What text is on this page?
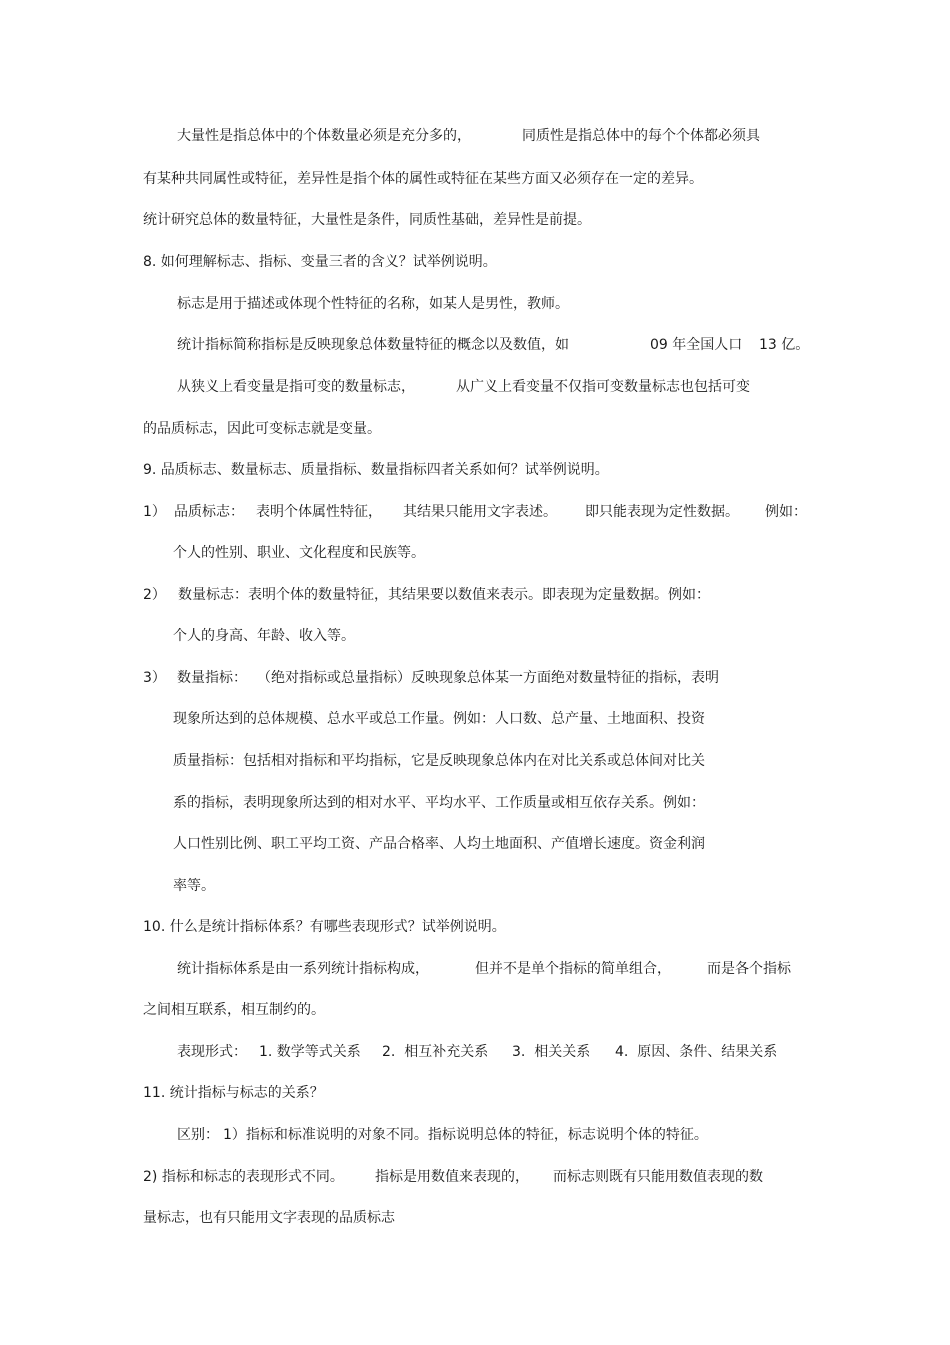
大量性是指总体中的个体数量必须是充分多的，

	同质性是指总体中的每个个体都必须具

有某种共同属性或特征，差异性是指个体的属性或特征在某些方面又必须存在一定的差异。

统计研究总体的数量特征，大量性是条件，同质性基础，差异性是前提。

8. 如何理解标志、指标、变量三者的含义？试举例说明。

标志是用于描述或体现个性特征的名称，如某人是男性，教师。

统计指标简称指标是反映现象总体数量特征的概念以及数值，如

	09 年全国人口

13 亿。

从狭义上看变量是指可变的数量标志，

	从广义上看变量不仅指可变数量标志也包括可变

的品质标志，因此可变标志就是变量。

9. 品质标志、数量标志、质量指标、数量指标四者关系如何？试举例说明。

1）

品质标志：

表明个体属性特征，

其结果只能用文字表述。

即只能表现为定性数据。

例如：

个人的性别、职业、文化程度和民族等。

2）

数量标志：表明个体的数量特征，其结果要以数值来表示。即表现为定量数据。例如：

个人的身高、年龄、收入等。

3）

数量指标：

（绝对指标或总量指标）反映现象总体某一方面绝对数量特征的指标，表明

现象所达到的总体规模、总水平或总工作量。例如：人口数、总产量、土地面积、投资

质量指标：包括相对指标和平均指标，它是反映现象总体内在对比关系或总体间对比关

系的指标，表明现象所达到的相对水平、平均水平、工作质量或相互依存关系。例如：

人口性别比例、职工平均工资、产品合格率、人均土地面积、产值增长速度。资金利润

率等。

10. 什么是统计指标体系？有哪些表现形式？试举例说明。

统计指标体系是由一系列统计指标构成，

	但并不是单个指标的简单组合，

	而是各个指标

之间相互联系，相互制约的。

表现形式：

1. 数学等式关系

2.  相互补充关系

3.  相关关系

4.  原因、条件、结果关系

11. 统计指标与标志的关系？

区别：

1）指标和标准说明的对象不同。指标说明总体的特征，标志说明个体的特征。

2) 指标和标志的表现形式不同。

指标是用数值来表现的，

而标志则既有只能用数值表现的数

量标志，也有只能用文字表现的品质标志
